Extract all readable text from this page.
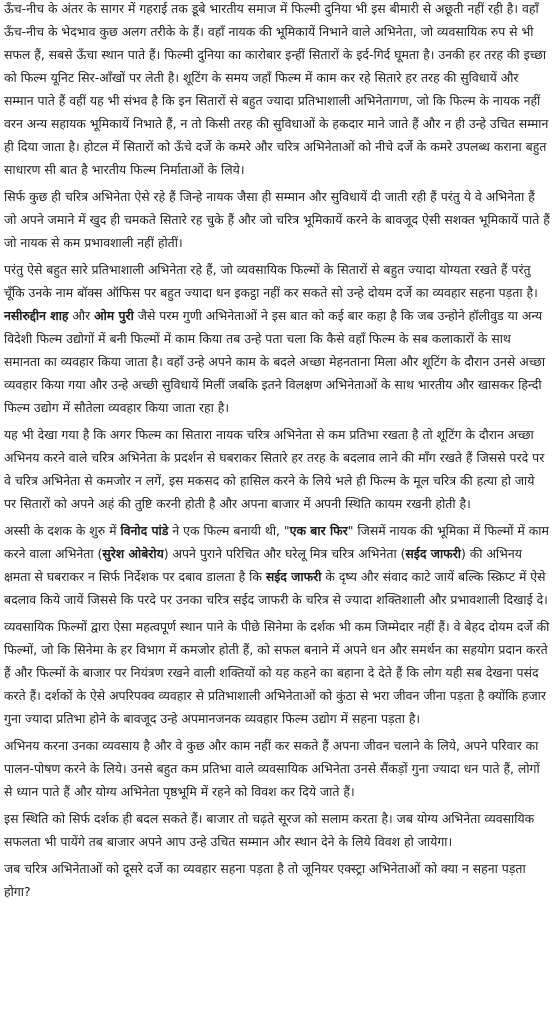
ऊँच-नीच के अंतर के सागर में गहराई तक डूबे भारतीय समाज में फिल्मी दुनिया भी इस बीमारी से अछूती नहीं रही है। वहाँ ऊँच-नीच के भेदभाव कुछ अलग तरीके के हैं। वहाँ नायक की भूमिकायें निभाने वाले अभिनेता, जो व्यवसायिक रुप से भी सफल हैं, सबसे ऊँचा स्थान पाते हैं। फिल्मी दुनिया का कारोबार इन्हीं सितारों के इर्द-गिर्द घूमता है। उनकी हर तरह की इच्छा को फिल्म यूनिट सिर-आँखों पर लेती है। शूटिंग के समय जहाँ फिल्म में काम कर रहे सितारे हर तरह की सुविधायें और सम्मान पाते हैं वहीं यह भी संभव है कि इन सितारों से बहुत ज्यादा प्रतिभाशाली अभिनेतागण, जो कि फिल्म के नायक नहीं वरन अन्य सहायक भूमिकायें निभाते हैं, न तो किसी तरह की सुविधाओं के हकदार माने जाते हैं और न ही उन्हे उचित सम्मान ही दिया जाता है। होटल में सितारों को ऊँचे दर्जे के कमरे और चरित्र अभिनेताओं को नीचे दर्जे के कमरे उपलब्ध कराना बहुत साधारण सी बात है भारतीय फिल्म निर्माताओं के लिये।

सिर्फ कुछ ही चरित्र अभिनेता ऐसे रहे हैं जिन्हे नायक जैसा ही सम्मान और सुविधायें दी जाती रही हैं परंतु ये वे अभिनेता हैं जो अपने जमाने में खुद ही चमकते सितारे रह चुके हैं और जो चरित्र भूमिकायें करने के बावजूद ऐसी सशक्त भूमिकायें पाते हैं जो नायक से कम प्रभावशाली नहीं होतीं।

परंतु ऐसे बहुत सारे प्रतिभाशाली अभिनेता रहे हैं, जो व्यवसायिक फिल्मों के सितारों से बहुत ज्यादा योग्यता रखते हैं परंतु चूँकि उनके नाम बॉक्स ऑफिस पर बहुत ज्यादा धन इकट्ठा नहीं कर सकते सो उन्हे दोयम दर्जे का व्यवहार सहना पड़ता है। नसीरुद्दीन शाह और ओम पुरी जैसे परम गुणी अभिनेताओं ने इस बात को कई बार कहा है कि जब उन्होने हॉलीवुड या अन्य विदेशी फिल्म उद्योगों में बनी फिल्मों में काम किया तब उन्हे पता चला कि कैसे वहाँ फिल्म के सब कलाकारों के साथ समानता का व्यवहार किया जाता है। वहाँ उन्हे अपने काम के बदले अच्छा मेहनताना मिला और शूटिंग के दौरान उनसे अच्छा व्यवहार किया गया और उन्हे अच्छी सुविधायें मिलीं जबकि इतने विलक्षण अभिनेताओं के साथ भारतीय और खासकर हिन्दी फिल्म उद्योग में सौतेला व्यवहार किया जाता रहा है।

यह भी देखा गया है कि अगर फिल्म का सितारा नायक चरित्र अभिनेता से कम प्रतिभा रखता है तो शूटिंग के दौरान अच्छा अभिनय करने वाले चरित्र अभिनेता के प्रदर्शन से घबराकर सितारे हर तरह के बदलाव लाने की माँग रखते हैं जिससे परदे पर वे चरित्र अभिनेता से कमजोर न लगें, इस मकसद को हासिल करने के लिये भले ही फिल्म के मूल चरित्र की हत्या हो जाये पर सितारों को अपने अहं की तुष्टि करनी होती है और अपना बाजार में अपनी स्थिति कायम रखनी होती है।

अस्सी के दशक के शुरु में विनोद पांडे ने एक फिल्म बनायी थी, "एक बार फिर" जिसमें नायक की भूमिका में फिल्मों में काम करने वाला अभिनेता (सुरेश ओबेरोय) अपने पुराने परिचित और घरेलू मित्र चरित्र अभिनेता (सईद जाफरी) की अभिनय क्षमता से घबराकर न सिर्फ निर्देशक पर दबाव डालता है कि सईद जाफरी के दृष्य और संवाद काटे जायें बल्कि स्क्रिप्ट में ऐसे बदलाव किये जायें जिससे कि परदे पर उनका चरित्र सईद जाफरी के चरित्र से ज्यादा शक्तिशाली और प्रभावशाली दिखाई दे।

व्यवसायिक फिल्मों द्वारा ऐसा महत्वपूर्ण स्थान पाने के पीछे सिनेमा के दर्शक भी कम जिम्मेदार नहीं हैं। वे बेहद दोयम दर्जे की फिल्मों, जो कि सिनेमा के हर विभाग में कमजोर होती हैं, को सफल बनाने में अपने धन और समर्थन का सहयोग प्रदान करते हैं और फिल्मों के बाजार पर नियंत्रण रखने वाली शक्तियों को यह कहने का बहाना दे देते हैं कि लोग यही सब देखना पसंद करते हैं। दर्शकों के ऐसे अपरिपक्व व्यवहार से प्रतिभाशाली अभिनेताओं को कुंठा से भरा जीवन जीना पड़ता है क्योंकि हजार गुना ज्यादा प्रतिभा होने के बावजूद उन्हे अपमानजनक व्यवहार फिल्म उद्योग में सहना पड़ता है।

अभिनय करना उनका व्यवसाय है और वे कुछ और काम नहीं कर सकते हैं अपना जीवन चलाने के लिये, अपने परिवार का पालन-पोषण करने के लिये। उनसे बहुत कम प्रतिभा वाले व्यवसायिक अभिनेता उनसे सैंकड़ों गुना ज्यादा धन पाते हैं, लोगों से ध्यान पाते हैं और योग्य अभिनेता पृष्ठभूमि में रहने को विवश कर दिये जाते हैं।

इस स्थिति को सिर्फ दर्शक ही बदल सकते हैं। बाजार तो चढ़ते सूरज को सलाम करता है। जब योग्य अभिनेता व्यवसायिक सफलता भी पायेंगे तब बाजार अपने आप उन्हे उचित सम्मान और स्थान देने के लिये विवश हो जायेगा।

जब चरित्र अभिनेताओं को दूसरे दर्जे का व्यवहार सहना पड़ता है तो जूनियर एक्स्ट्रा अभिनेताओं को क्या न सहना पड़ता होगा?
